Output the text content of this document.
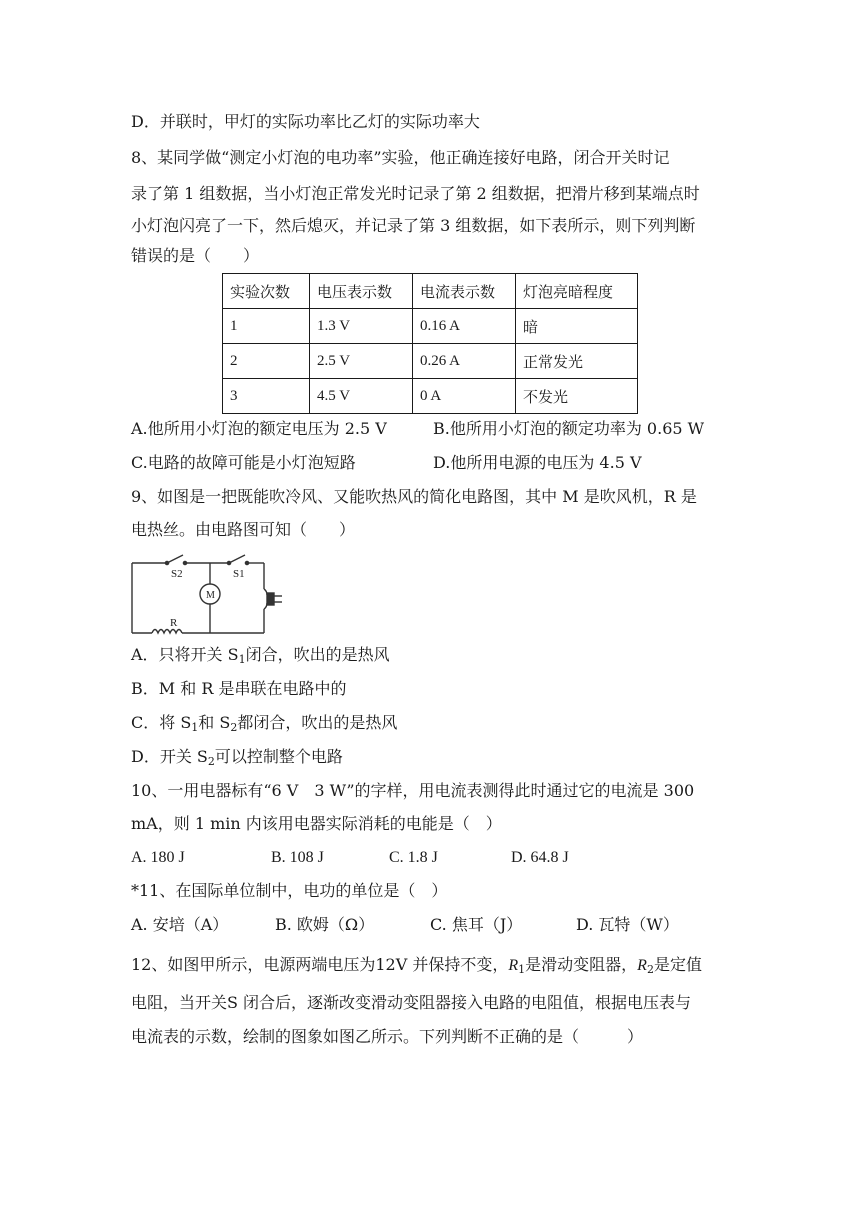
D．并联时，甲灯的实际功率比乙灯的实际功率大
8、某同学做“测定小灯泡的电功率”实验，他正确连接好电路，闭合开关时记
录了第 1 组数据，当小灯泡正常发光时记录了第 2 组数据，把滑片移到某端点时
小灯泡闪亮了一下，然后熄灭，并记录了第 3 组数据，如下表所示，则下列判断
错误的是（　　）
实验次数	电压表示数	电流表示数	灯泡亮暗程度
1	1.3 V	0.16 A	暗
2	2.5 V	0.26 A	正常发光
3	4.5 V	0 A	不发光
A.他所用小灯泡的额定电压为 2.5 V	B.他所用小灯泡的额定功率为 0.65 W
C.电路的故障可能是小灯泡短路	D.他所用电源的电压为 4.5 V
9、如图是一把既能吹冷风、又能吹热风的简化电路图，其中 M 是吹风机，R 是
电热丝。由电路图可知（　　）
S2	S1
M
R
A．只将开关 $S_1$闭合，吹出的是热风
B．M 和 R 是串联在电路中的
C．将 $S_1$和 $S_2$都闭合，吹出的是热风
D．开关 $S_2$可以控制整个电路
10、一用电器标有“6 V　3 W”的字样，用电流表测得此时通过它的电流是 300
mA，则 1 min 内该用电器实际消耗的电能是（　）
A. 180 J	B. 108 J	C. 1.8 J	D. 64.8 J
*11、在国际单位制中，电功的单位是（　）
A. 安培（A）	B. 欧姆（Ω）	C. 焦耳（J）	D. 瓦特（W）
12、如图甲所示，电源两端电压为12V 并保持不变，$R_1$是滑动变阻器，$R_2$是定值
电阻，当开关S 闭合后，逐渐改变滑动变阻器接入电路的电阻值，根据电压表与
电流表的示数，绘制的图象如图乙所示。下列判断不正确的是（　　　）
